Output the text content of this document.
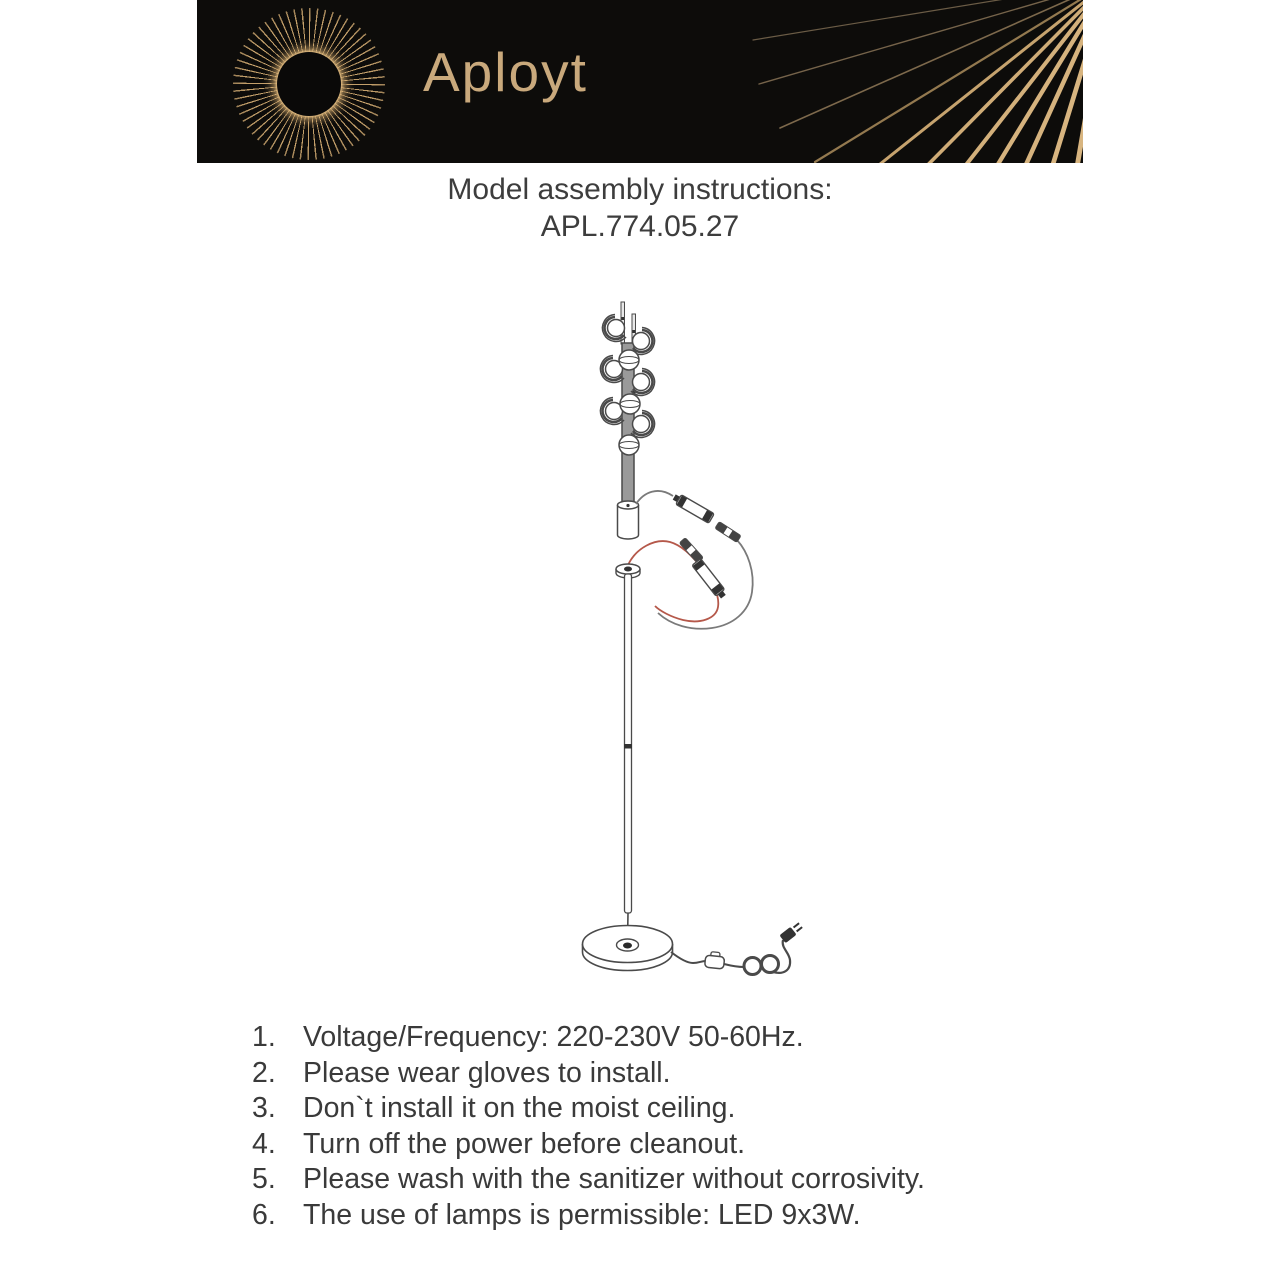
Aployt
Model assembly instructions:
APL.774.05.27
1. Voltage/Frequency: 220-230V 50-60Hz.
2. Please wear gloves to install.
3. Don`t install it on the moist ceiling.
4. Turn off the power before cleanout.
5. Please wash with the sanitizer without corrosivity.
6. The use of lamps is permissible: LED 9x3W.
